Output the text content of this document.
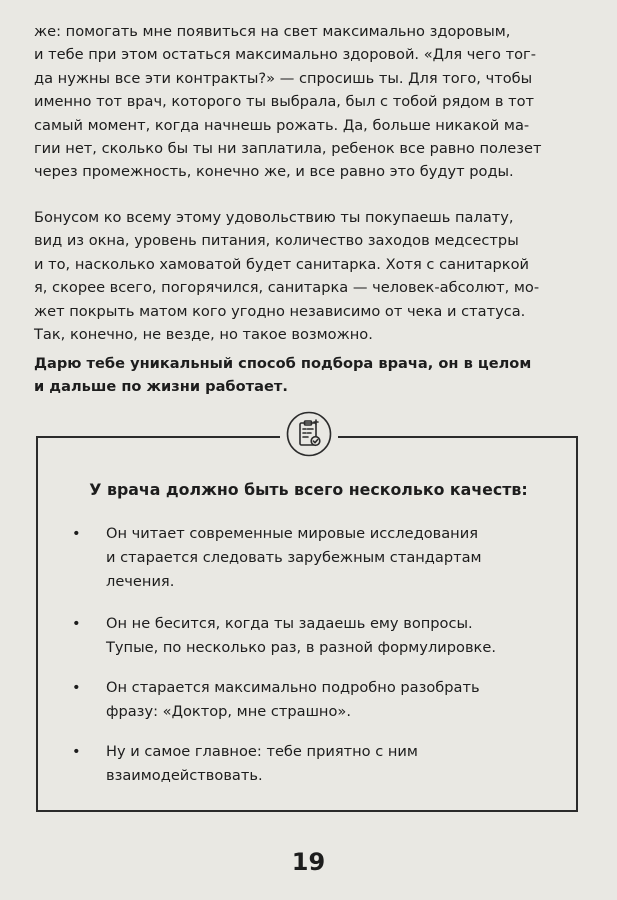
же: помогать мне появиться на свет максимально здоровым,
и тебе при этом остаться максимально здоровой. «Для чего тог-
да нужны все эти контракты?» — спросишь ты. Для того, чтобы
именно тот врач, которого ты выбрала, был с тобой рядом в тот
самый момент, когда начнешь рожать. Да, больше никакой ма-
гии нет, сколько бы ты ни заплатила, ребенок все равно полезет
через промежность, конечно же, и все равно это будут роды.

Бонусом ко всему этому удовольствию ты покупаешь палату,
вид из окна, уровень питания, количество заходов медсестры
и то, насколько хамоватой будет санитарка. Хотя с санитаркой
я, скорее всего, погорячился, санитарка — человек-абсолют, мо-
жет покрыть матом кого угодно независимо от чека и статуса.
Так, конечно, не везде, но такое возможно.

Дарю тебе уникальный способ подбора врача, он в целом
и дальше по жизни работает.

У врача должно быть всего несколько качеств:

•	Он читает современные мировые исследования
и старается следовать зарубежным стандартам
лечения.
•	Он не бесится, когда ты задаешь ему вопросы.
Тупые, по несколько раз, в разной формулировке.
•	Он старается максимально подробно разобрать
фразу: «Доктор, мне страшно».
•	Ну и самое главное: тебе приятно с ним
взаимодействовать.
19
